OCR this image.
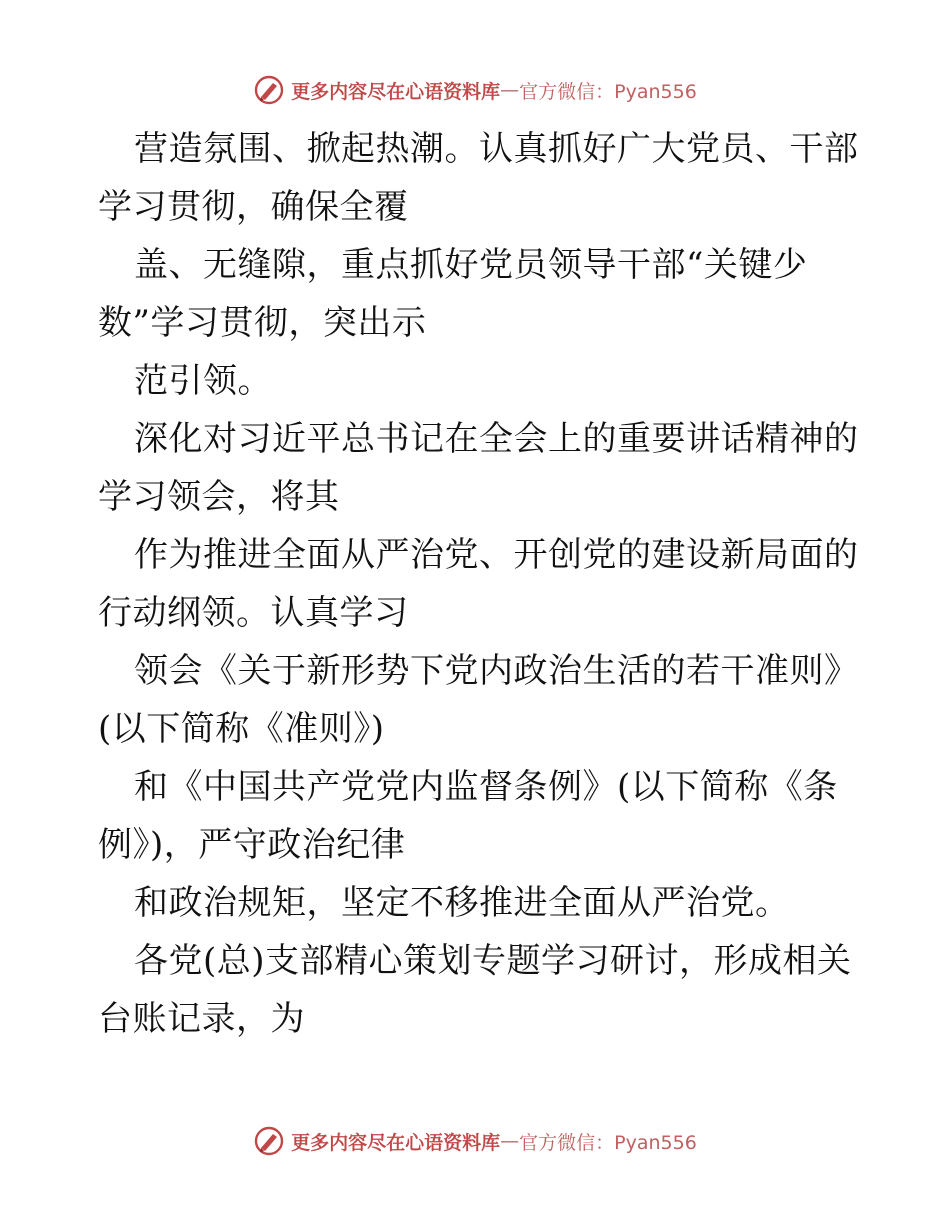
更多内容尽在心语资料库 — 官方微信：Pyan556
营造氛围、掀起热潮。认真抓好广大党员、干部
学习贯彻，确保全覆
盖、无缝隙，重点抓好党员领导干部“关键少
数”学习贯彻，突出示
范引领。
深化对习近平总书记在全会上的重要讲话精神的
学习领会，将其
作为推进全面从严治党、开创党的建设新局面的
行动纲领。认真学习
领会《关于新形势下党内政治生活的若干准则》
(以下简称《准则》)
和《中国共产党党内监督条例》(以下简称《条
例》)，严守政治纪律
和政治规矩，坚定不移推进全面从严治党。
各党(总)支部精心策划专题学习研讨，形成相关
台账记录，为
更多内容尽在心语资料库 — 官方微信：Pyan556
